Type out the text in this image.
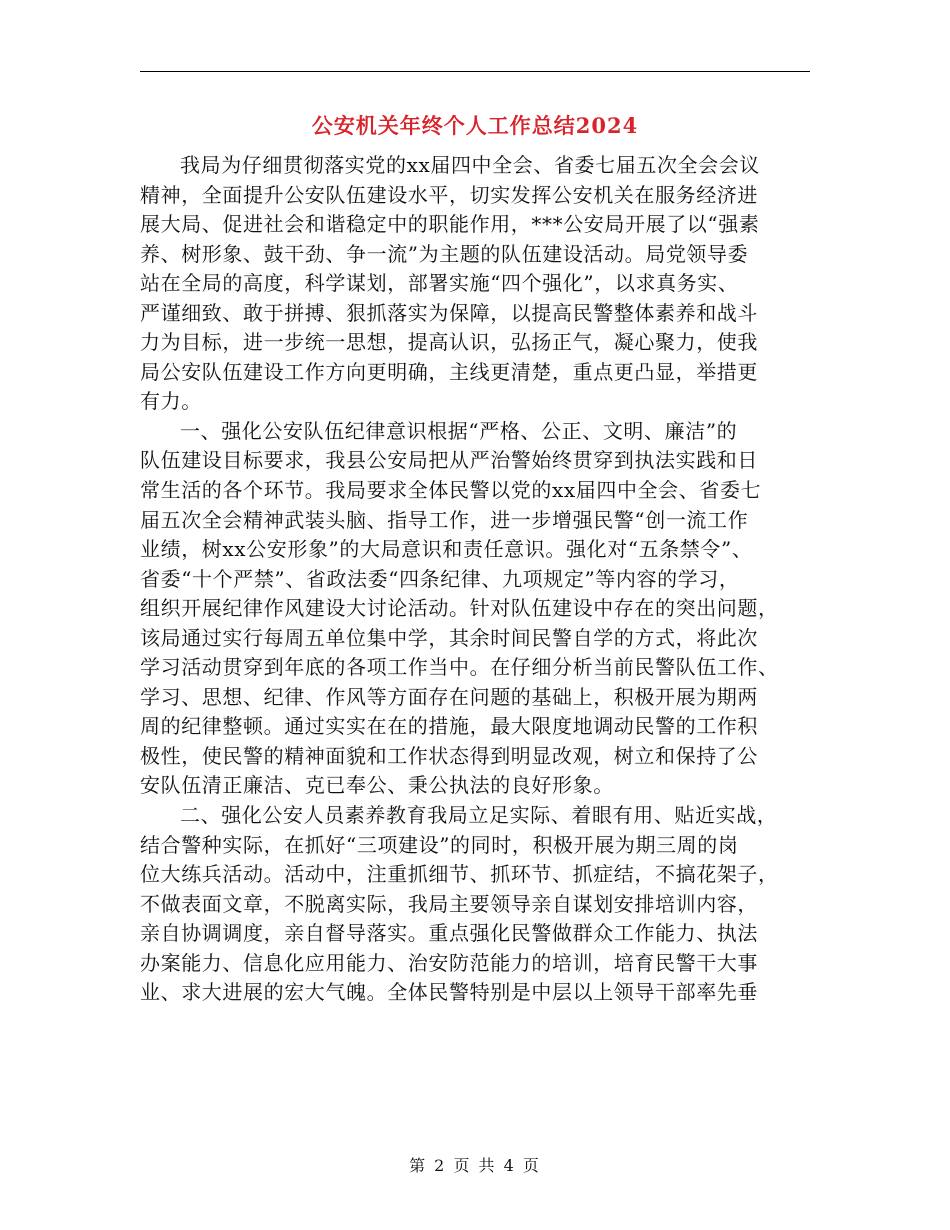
公安机关年终个人工作总结2024
我局为仔细贯彻落实党的xx届四中全会、省委七届五次全会会议
精神，全面提升公安队伍建设水平，切实发挥公安机关在服务经济进
展大局、促进社会和谐稳定中的职能作用，***公安局开展了以“强素
养、树形象、鼓干劲、争一流”为主题的队伍建设活动。局党领导委
站在全局的高度，科学谋划，部署实施“四个强化”，以求真务实、
严谨细致、敢于拼搏、狠抓落实为保障，以提高民警整体素养和战斗
力为目标，进一步统一思想，提高认识，弘扬正气，凝心聚力，使我
局公安队伍建设工作方向更明确，主线更清楚，重点更凸显，举措更
有力。
一、强化公安队伍纪律意识根据“严格、公正、文明、廉洁”的
队伍建设目标要求，我县公安局把从严治警始终贯穿到执法实践和日
常生活的各个环节。我局要求全体民警以党的xx届四中全会、省委七
届五次全会精神武装头脑、指导工作，进一步增强民警“创一流工作
业绩，树xx公安形象”的大局意识和责任意识。强化对“五条禁令”、
省委“十个严禁”、省政法委“四条纪律、九项规定”等内容的学习，
组织开展纪律作风建设大讨论活动。针对队伍建设中存在的突出问题，
该局通过实行每周五单位集中学，其余时间民警自学的方式，将此次
学习活动贯穿到年底的各项工作当中。在仔细分析当前民警队伍工作、
学习、思想、纪律、作风等方面存在问题的基础上，积极开展为期两
周的纪律整顿。通过实实在在的措施，最大限度地调动民警的工作积
极性，使民警的精神面貌和工作状态得到明显改观，树立和保持了公
安队伍清正廉洁、克已奉公、秉公执法的良好形象。
二、强化公安人员素养教育我局立足实际、着眼有用、贴近实战，
结合警种实际，在抓好“三项建设”的同时，积极开展为期三周的岗
位大练兵活动。活动中，注重抓细节、抓环节、抓症结，不搞花架子，
不做表面文章，不脱离实际，我局主要领导亲自谋划安排培训内容，
亲自协调调度，亲自督导落实。重点强化民警做群众工作能力、执法
办案能力、信息化应用能力、治安防范能力的培训，培育民警干大事
业、求大进展的宏大气魄。全体民警特别是中层以上领导干部率先垂
第 2 页 共 4 页
